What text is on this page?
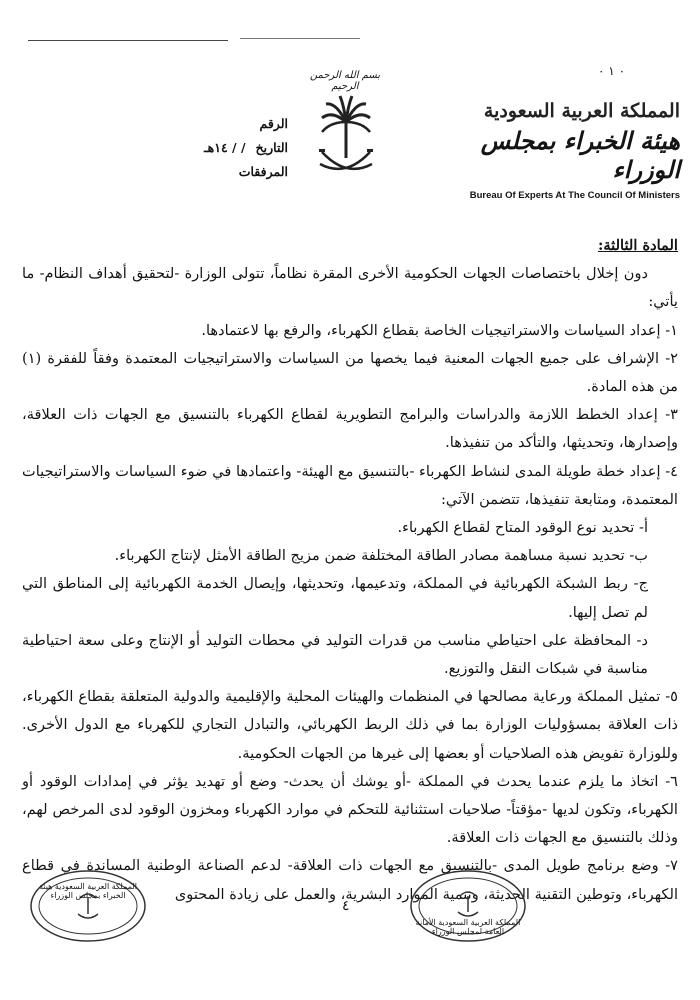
٠ ١ ٠
المملكة العربية السعودية
هيئة الخبراء بمجلس الوزراء
Bureau Of Experts At The Council Of Ministers
بسم الله الرحمن الرحيم
الرقم
التاريخ
/ / ١٤هـ
المرفقات

المادة الثالثة:

دون إخلال باختصاصات الجهات الحكومية الأخرى المقرة نظاماً، تتولى الوزارة -لتحقيق أهداف النظام- ما يأتي:

١- إعداد السياسات والاستراتيجيات الخاصة بقطاع الكهرباء، والرفع بها لاعتمادها.
٢- الإشراف على جميع الجهات المعنية فيما يخصها من السياسات والاستراتيجيات المعتمدة وفقاً للفقرة (١) من هذه المادة.
٣- إعداد الخطط اللازمة والدراسات والبرامج التطويرية لقطاع الكهرباء بالتنسيق مع الجهات ذات العلاقة، وإصدارها، وتحديثها، والتأكد من تنفيذها.
٤- إعداد خطة طويلة المدى لنشاط الكهرباء -بالتنسيق مع الهيئة- واعتمادها في ضوء السياسات والاستراتيجيات المعتمدة، ومتابعة تنفيذها، تتضمن الآتي:
أ- تحديد نوع الوقود المتاح لقطاع الكهرباء.
ب- تحديد نسبة مساهمة مصادر الطاقة المختلفة ضمن مزيج الطاقة الأمثل لإنتاج الكهرباء.
ج- ربط الشبكة الكهربائية في المملكة، وتدعيمها، وتحديثها، وإيصال الخدمة الكهربائية إلى المناطق التي لم تصل إليها.
د- المحافظة على احتياطي مناسب من قدرات التوليد في محطات التوليد أو الإنتاج وعلى سعة احتياطية مناسبة في شبكات النقل والتوزيع.
٥- تمثيل المملكة ورعاية مصالحها في المنظمات والهيئات المحلية والإقليمية والدولية المتعلقة بقطاع الكهرباء، ذات العلاقة بمسؤوليات الوزارة بما في ذلك الربط الكهربائي، والتبادل التجاري للكهرباء مع الدول الأخرى. وللوزارة تفويض هذه الصلاحيات أو بعضها إلى غيرها من الجهات الحكومية.
٦- اتخاذ ما يلزم عندما يحدث في المملكة -أو يوشك أن يحدث- وضع أو تهديد يؤثر في إمدادات الوقود أو الكهرباء، وتكون لديها -مؤقتاً- صلاحيات استثنائية للتحكم في موارد الكهرباء ومخزون الوقود لدى المرخص لهم، وذلك بالتنسيق مع الجهات ذات العلاقة.
٧- وضع برنامج طويل المدى -بالتنسيق مع الجهات ذات العلاقة- لدعم الصناعة الوطنية المساندة في قطاع الكهرباء، وتوطين التقنية الحديثة، وتنمية الموارد البشرية، والعمل على زيادة المحتوى
٤
المملكة العربية السعودية هيئة الخبراء بمجلس الوزراء
المملكة العربية السعودية الأمانة العامة لمجلس الوزراء
